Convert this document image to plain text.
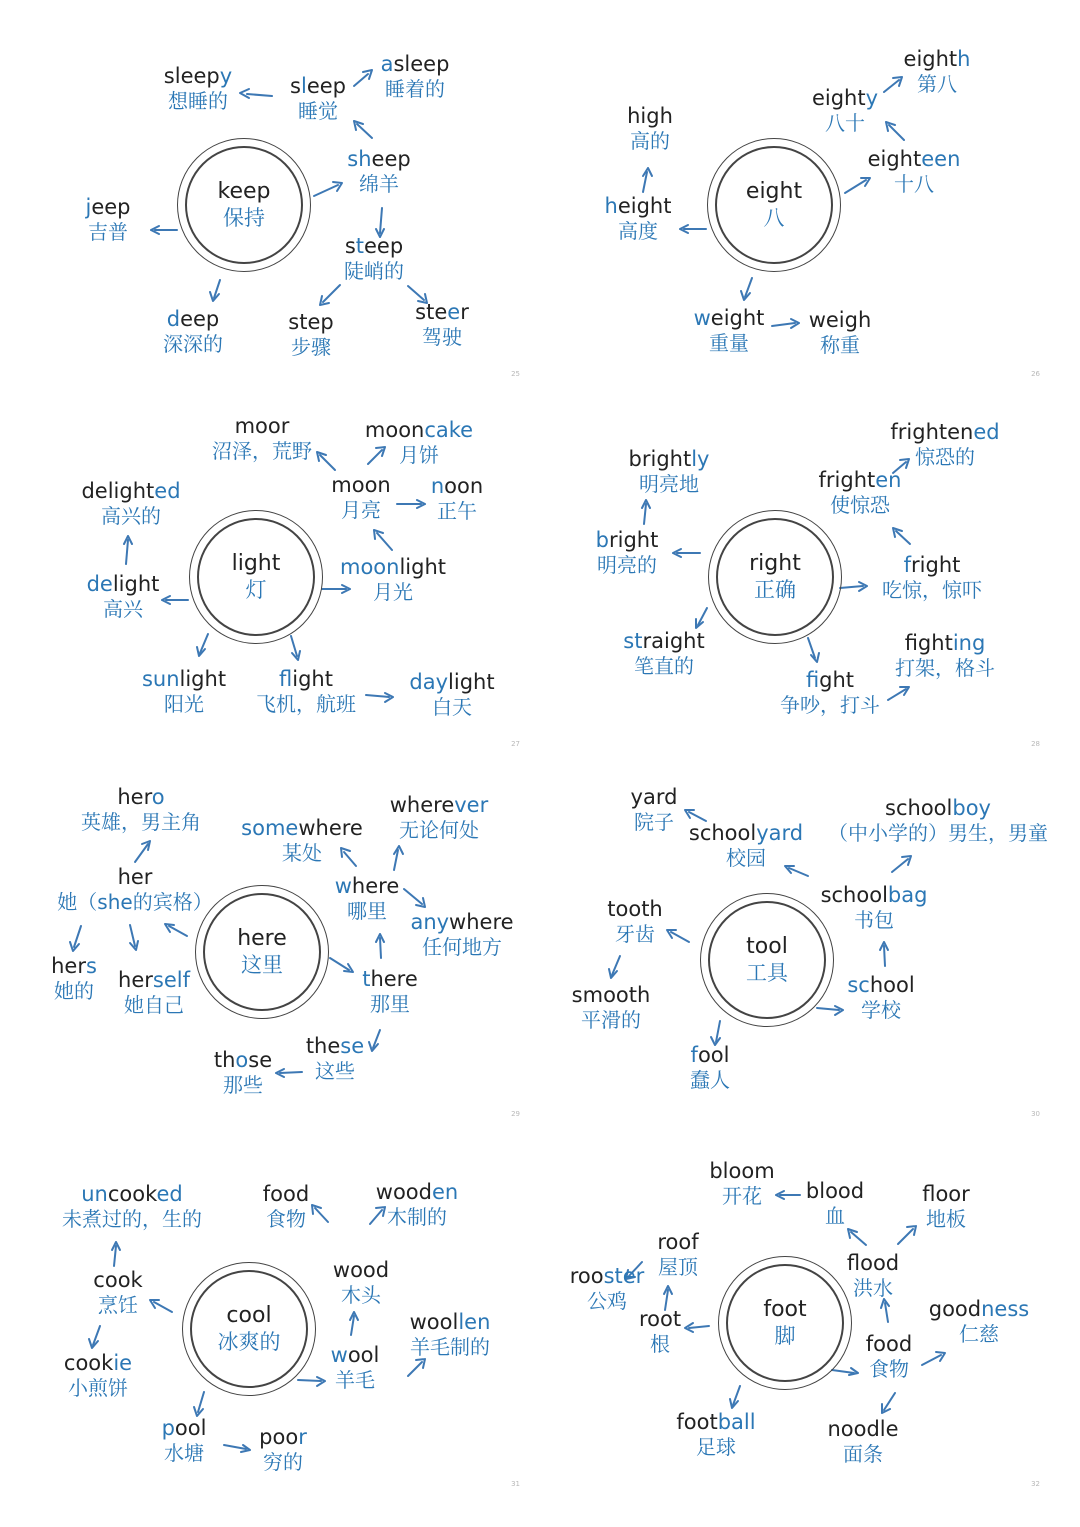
keep
保持
sleepy
想睡的
sleep
睡觉
asleep
睡着的
sheep
绵羊
jeep
吉普
steep
陡峭的
deep
深深的
step
步骤
steer
驾驶
25
eight
八
high
高的
eighty
八十
eighth
第八
eighteen
十八
height
高度
weight
重量
weigh
称重
26
light
灯
moor
沼泽，荒野
mooncake
月饼
moon
月亮
noon
正午
delighted
高兴的
moonlight
月光
delight
高兴
sunlight
阳光
flight
飞机，航班
daylight
白天
27
right
正确
brightly
明亮地	frighten
使惊恐
frightened
惊恐的
bright
明亮的	fright
吃惊，惊吓
straight
笔直的
fighting
打架，格斗
fight
争吵，打斗
28
here
这里
hero
英雄，男主角 somewhere
某处
wherever
无论何处
her
她（she的宾格）
where
哪里	anywhere
任何地方
hers
她的 herself
她自己
there
那里
those
那些
these
这些
29
tool
工具
yard
院子 schoolyard
校园
schoolboy
（中小学的）男生，男童
tooth
牙齿
schoolbag
书包
smooth
平滑的
school
学校
fool
蠢人
30
cool
冰爽的
uncooked
未煮过的，生的
food
食物
wooden
木制的
cook
烹饪
wood
木头
woollen
羊毛制的
cookie
小煎饼
wool
羊毛
pool
水塘
poor
穷的
31
foot
脚
bloom
开花	blood
血
floor
地板
roof
屋顶
rooster
公鸡
flood
洪水
goodness
仁慈
root
根	food
食物
football
足球
noodle
面条
32
